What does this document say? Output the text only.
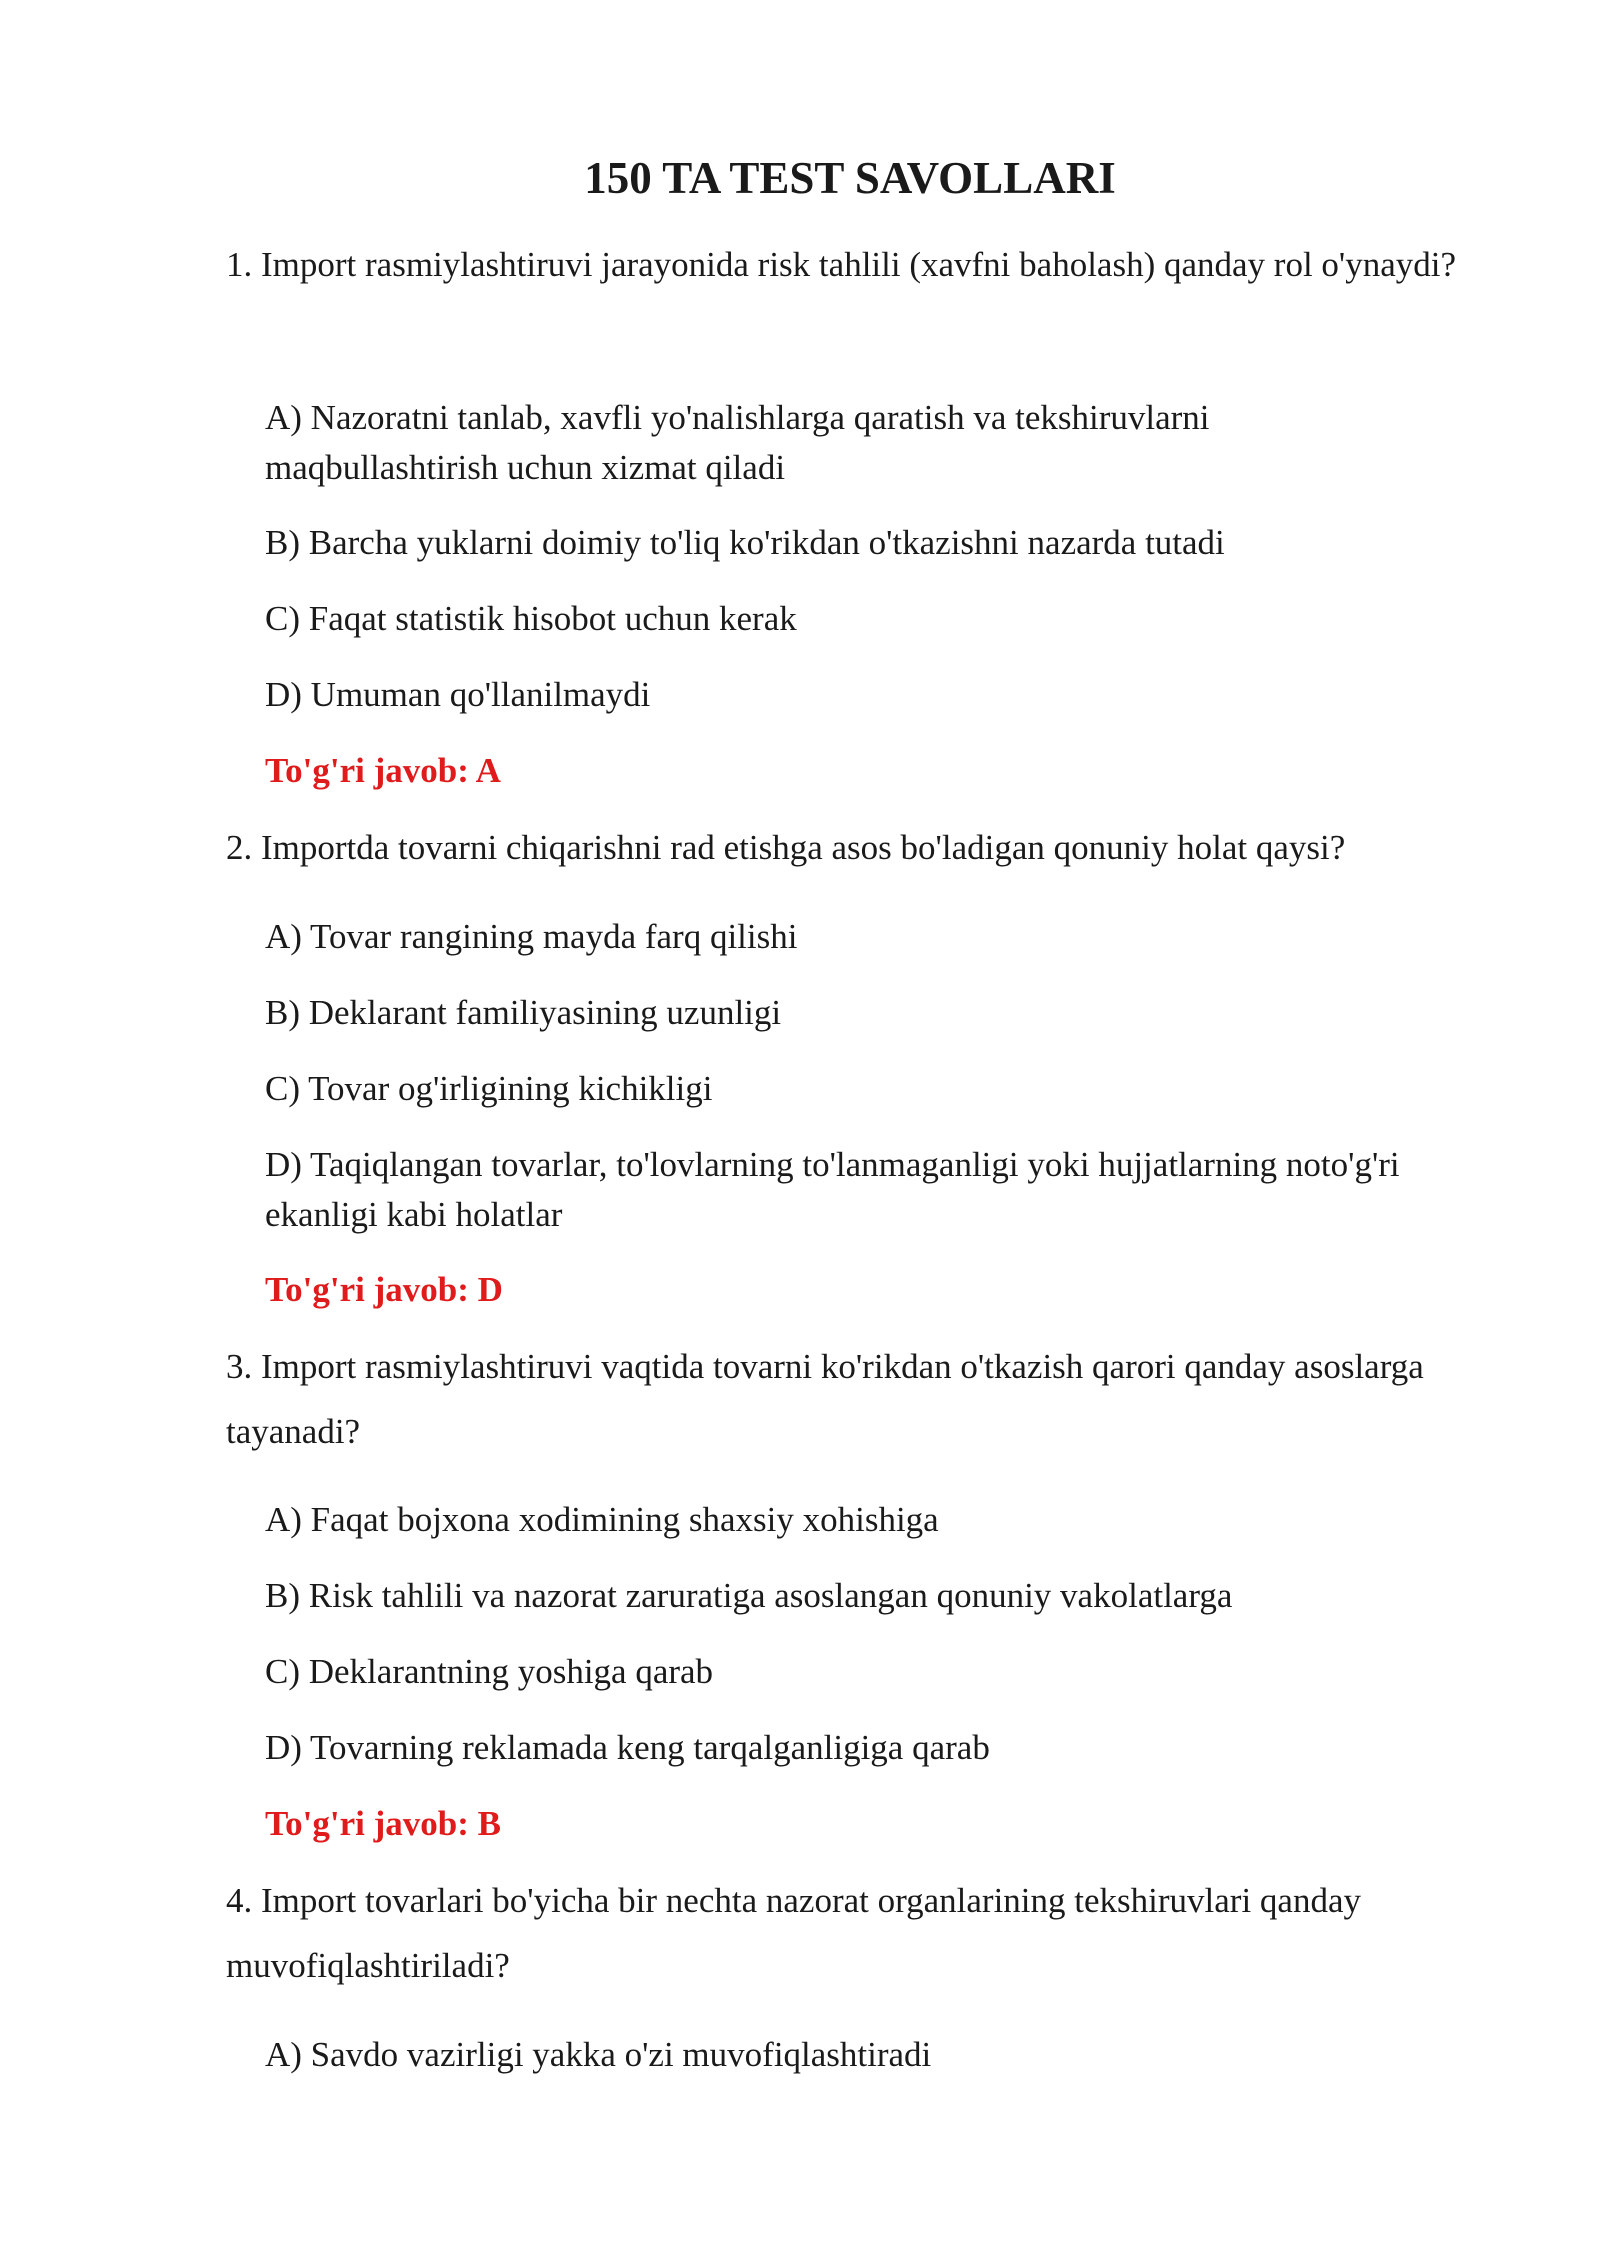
150 TA TEST SAVOLLARI

1. Import rasmiylashtiruvi jarayonida risk tahlili (xavfni baholash) qanday rol o'ynaydi?

A) Nazoratni tanlab, xavfli yo'nalishlarga qaratish va tekshiruvlarni maqbullashtirish uchun xizmat qiladi

B) Barcha yuklarni doimiy to'liq ko'rikdan o'tkazishni nazarda tutadi

C) Faqat statistik hisobot uchun kerak

D) Umuman qo'llanilmaydi

To'g'ri javob: A

2. Importda tovarni chiqarishni rad etishga asos bo'ladigan qonuniy holat qaysi?

A) Tovar rangining mayda farq qilishi

B) Deklarant familiyasining uzunligi

C) Tovar og'irligining kichikligi

D) Taqiqlangan tovarlar, to'lovlarning to'lanmaganligi yoki hujjatlarning noto'g'ri ekanligi kabi holatlar

To'g'ri javob: D

3. Import rasmiylashtiruvi vaqtida tovarni ko'rikdan o'tkazish qarori qanday asoslarga tayanadi?

A) Faqat bojxona xodimining shaxsiy xohishiga

B) Risk tahlili va nazorat zaruratiga asoslangan qonuniy vakolatlarga

C) Deklarantning yoshiga qarab

D) Tovarning reklamada keng tarqalganligiga qarab

To'g'ri javob: B

4. Import tovarlari bo'yicha bir nechta nazorat organlarining tekshiruvlari qanday muvofiqlashtiriladi?

A) Savdo vazirligi yakka o'zi muvofiqlashtiradi
